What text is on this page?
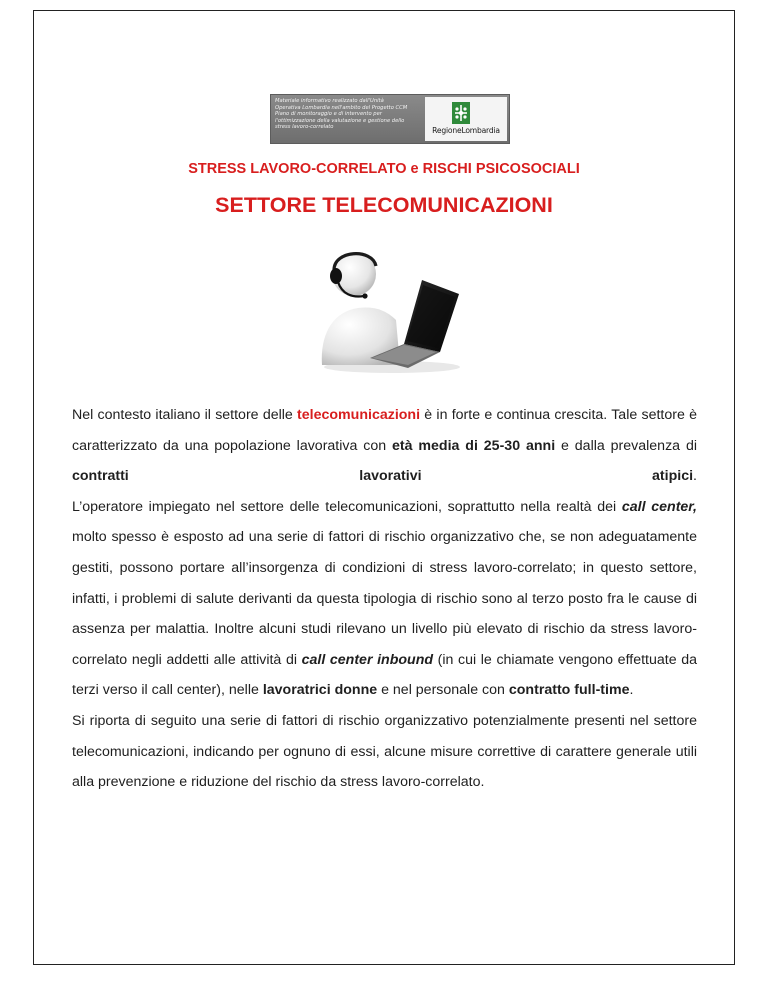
Materiale informativo realizzato dall'Unità
Operativa Lombardia nell'ambito del Progetto CCM
Piano di monitoraggio e di intervento per
l'ottimizzazione della valutazione e gestione dello
stress lavoro-correlato	RegioneLombardia
STRESS LAVORO-CORRELATO e RISCHI PSICOSOCIALI
SETTORE TELECOMUNICAZIONI

Nel contesto italiano il settore delle telecomunicazioni è in forte e continua crescita. Tale settore è caratterizzato da una popolazione lavorativa con età media di 25-30 anni e dalla prevalenza di contratti lavorativi atipici.

L’operatore impiegato nel settore delle telecomunicazioni, soprattutto nella realtà dei call center, molto spesso è esposto ad una serie di fattori di rischio organizzativo che, se non adeguatamente gestiti, possono portare all’insorgenza di condizioni di stress lavoro-correlato; in questo settore, infatti, i problemi di salute derivanti da questa tipologia di rischio sono al terzo posto fra le cause di assenza per malattia. Inoltre alcuni studi rilevano un livello più elevato di rischio da stress lavoro-correlato negli addetti alle attività di call center inbound (in cui le chiamate vengono effettuate da terzi verso il call center), nelle lavoratrici donne e nel personale con contratto full-time.

Si riporta di seguito una serie di fattori di rischio organizzativo potenzialmente presenti nel settore telecomunicazioni, indicando per ognuno di essi, alcune misure correttive di carattere generale utili alla prevenzione e riduzione del rischio da stress lavoro-correlato.
